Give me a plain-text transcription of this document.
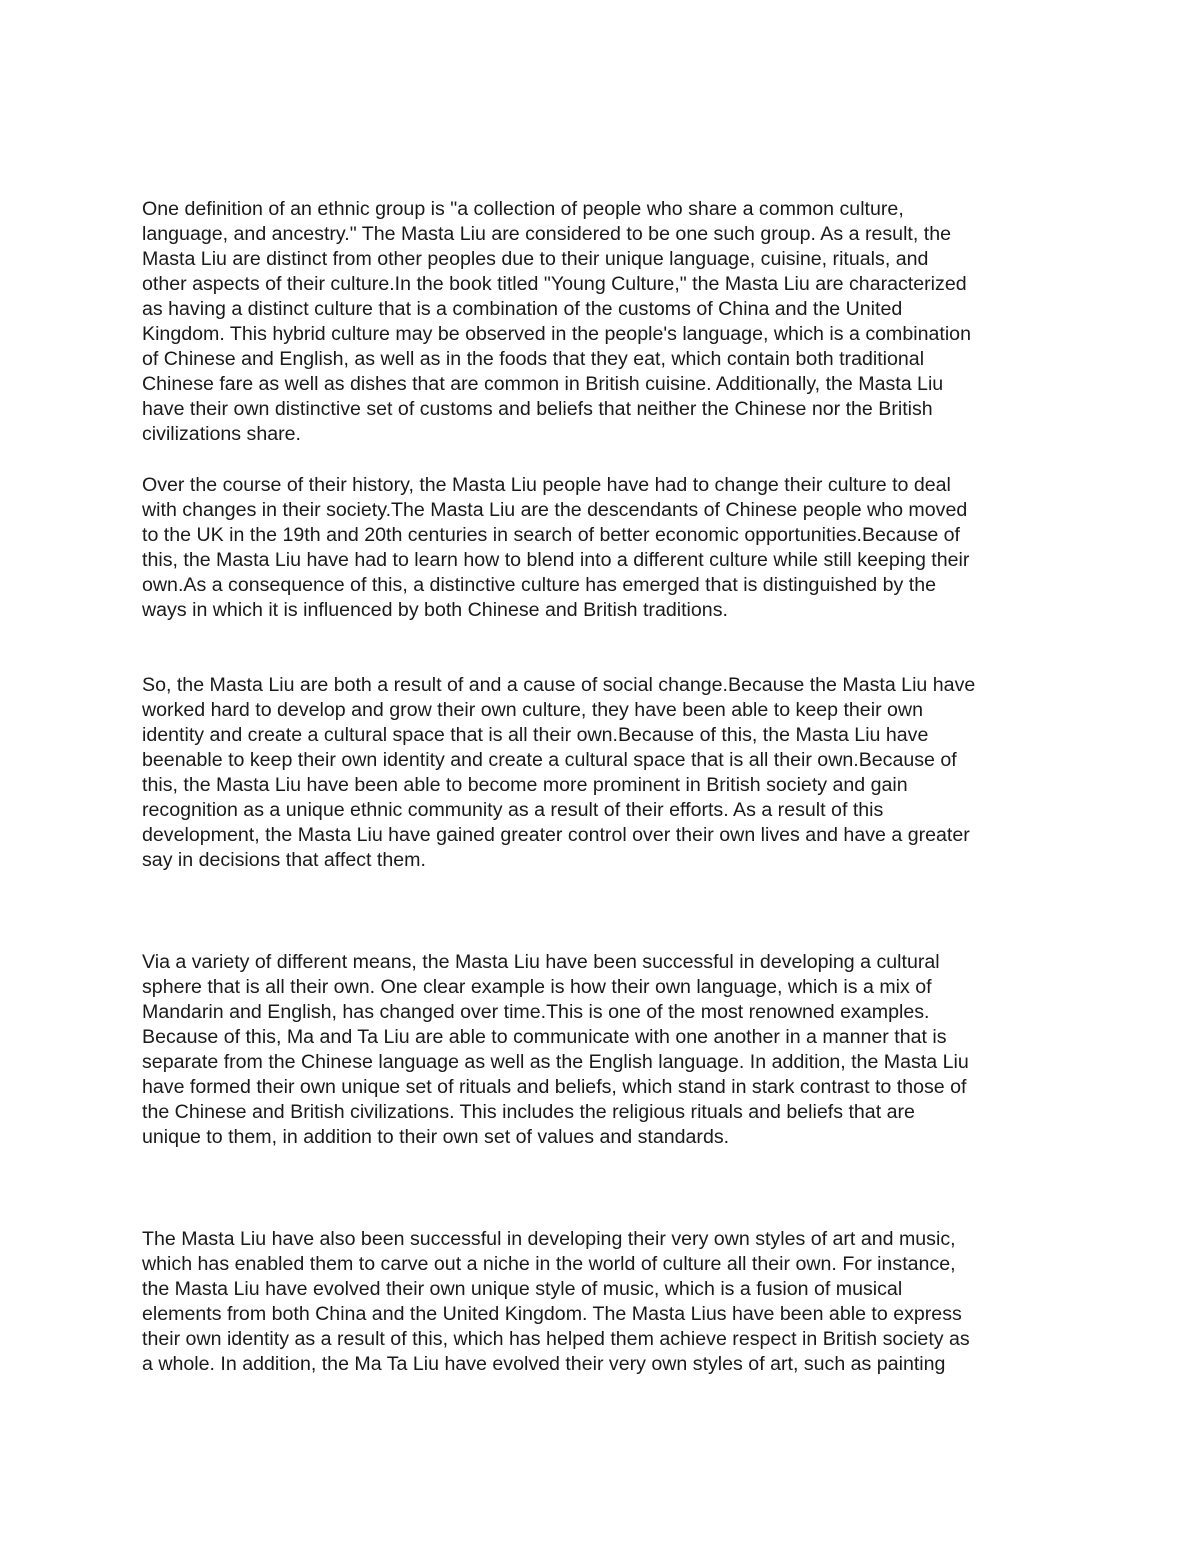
One definition of an ethnic group is "a collection of people who share a common culture,

language, and ancestry." The Masta Liu are considered to be one such group. As a result, the

Masta Liu are distinct from other peoples due to their unique language, cuisine, rituals, and

other aspects of their culture.In the book titled "Young Culture," the Masta Liu are characterized

as having a distinct culture that is a combination of the customs of China and the United

Kingdom. This hybrid culture may be observed in the people's language, which is a combination

of Chinese and English, as well as in the foods that they eat, which contain both traditional

Chinese fare as well as dishes that are common in British cuisine. Additionally, the Masta Liu

have their own distinctive set of customs and beliefs that neither the Chinese nor the British

civilizations share.

Over the course of their history, the Masta Liu people have had to change their culture to deal

with changes in their society.The Masta Liu are the descendants of Chinese people who moved

to the UK in the 19th and 20th centuries in search of better economic opportunities.Because of

this, the Masta Liu have had to learn how to blend into a different culture while still keeping their

own.As a consequence of this, a distinctive culture has emerged that is distinguished by the

ways in which it is influenced by both Chinese and British traditions.

So, the Masta Liu are both a result of and a cause of social change.Because the Masta Liu have

worked hard to develop and grow their own culture, they have been able to keep their own

identity and create a cultural space that is all their own.Because of this, the Masta Liu have

beenable to keep their own identity and create a cultural space that is all their own.Because of

this, the Masta Liu have been able to become more prominent in British society and gain

recognition as a unique ethnic community as a result of their efforts. As a result of this

development, the Masta Liu have gained greater control over their own lives and have a greater

say in decisions that affect them.

Via a variety of different means, the Masta Liu have been successful in developing a cultural

sphere that is all their own. One clear example is how their own language, which is a mix of

Mandarin and English, has changed over time.This is one of the most renowned examples.

Because of this, Ma and Ta Liu are able to communicate with one another in a manner that is

separate from the Chinese language as well as the English language. In addition, the Masta Liu

have formed their own unique set of rituals and beliefs, which stand in stark contrast to those of

the Chinese and British civilizations. This includes the religious rituals and beliefs that are

unique to them, in addition to their own set of values and standards.

The Masta Liu have also been successful in developing their very own styles of art and music,

which has enabled them to carve out a niche in the world of culture all their own. For instance,

the Masta Liu have evolved their own unique style of music, which is a fusion of musical

elements from both China and the United Kingdom. The Masta Lius have been able to express

their own identity as a result of this, which has helped them achieve respect in British society as

a whole. In addition, the Ma Ta Liu have evolved their very own styles of art, such as painting
